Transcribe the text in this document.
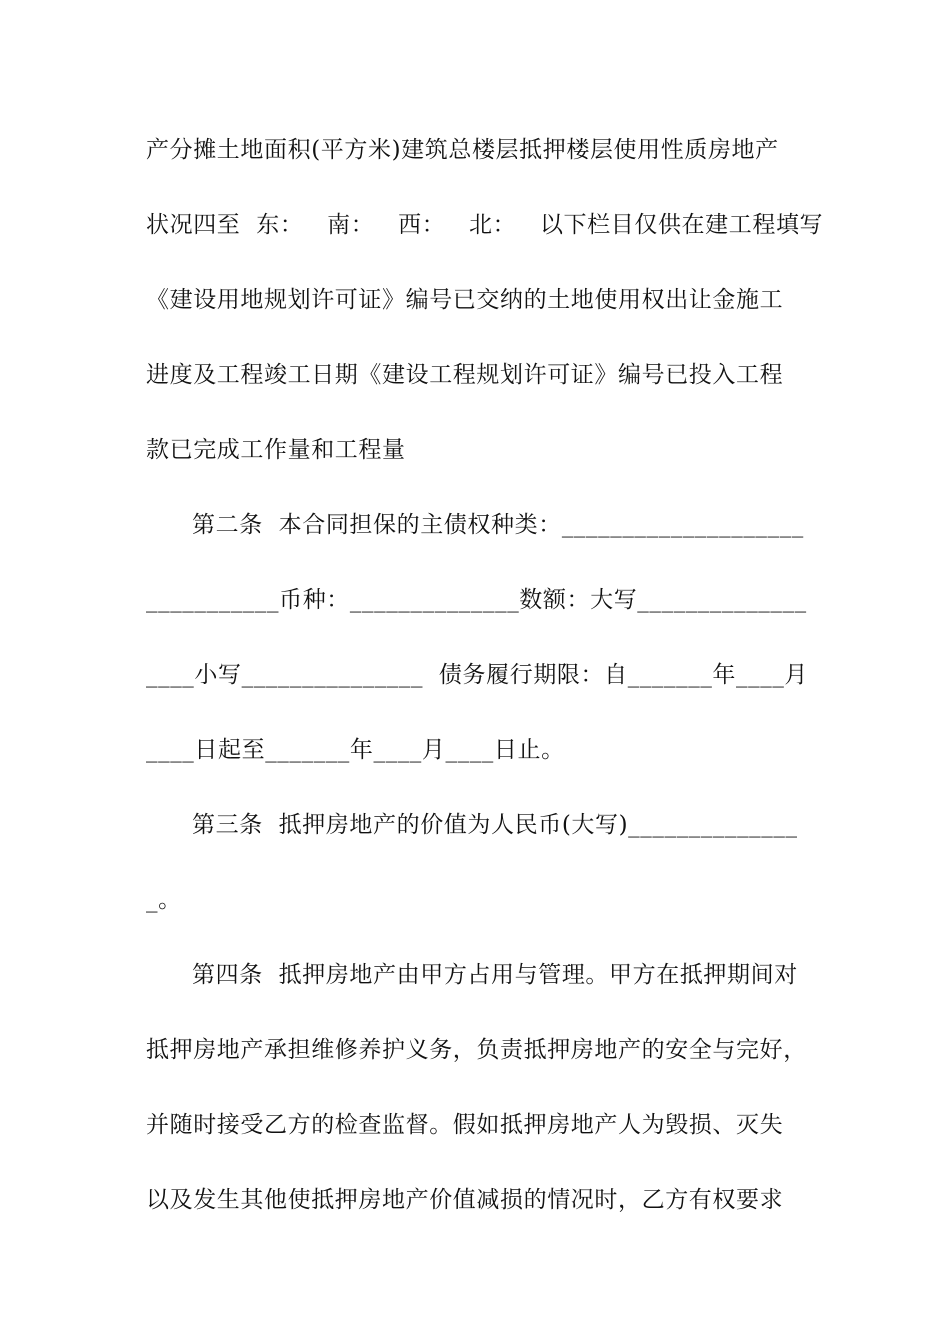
产分摊土地面积(平方米)建筑总楼层抵押楼层使用性质房地产
状况四至  东：   南：   西：   北：   以下栏目仅供在建工程填写
《建设用地规划许可证》编号已交纳的土地使用权出让金施工
进度及工程竣工日期《建设工程规划许可证》编号已投入工程
款已完成工作量和工程量
第二条  本合同担保的主债权种类：____________________
___________币种：______________数额：大写______________
____小写_______________  债务履行期限：自_______年____月
____日起至_______年____月____日止。
第三条  抵押房地产的价值为人民币(大写)______________
_。
第四条  抵押房地产由甲方占用与管理。甲方在抵押期间对
抵押房地产承担维修养护义务，负责抵押房地产的安全与完好，
并随时接受乙方的检查监督。假如抵押房地产人为毁损、灭失
以及发生其他使抵押房地产价值减损的情况时，乙方有权要求
